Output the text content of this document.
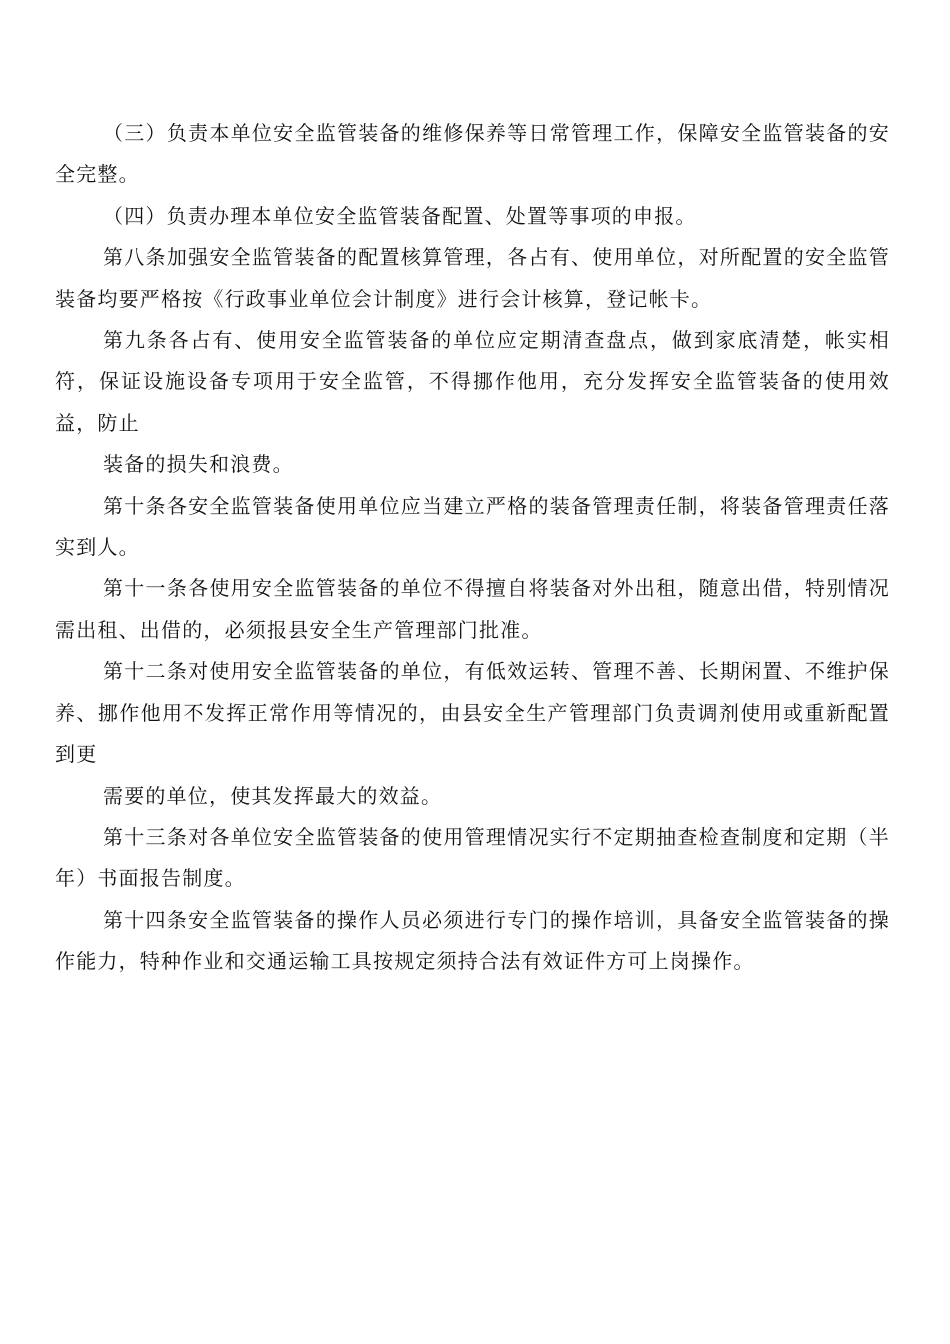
（三）负责本单位安全监管装备的维修保养等日常管理工作，保障安全监管装备的安全完整。

（四）负责办理本单位安全监管装备配置、处置等事项的申报。

第八条加强安全监管装备的配置核算管理，各占有、使用单位，对所配置的安全监管装备均要严格按《行政事业单位会计制度》进行会计核算，登记帐卡。

第九条各占有、使用安全监管装备的单位应定期清查盘点，做到家底清楚，帐实相符，保证设施设备专项用于安全监管，不得挪作他用，充分发挥安全监管装备的使用效益，防止

装备的损失和浪费。

第十条各安全监管装备使用单位应当建立严格的装备管理责任制，将装备管理责任落实到人。

第十一条各使用安全监管装备的单位不得擅自将装备对外出租，随意出借，特别情况需出租、出借的，必须报县安全生产管理部门批准。

第十二条对使用安全监管装备的单位，有低效运转、管理不善、长期闲置、不维护保养、挪作他用不发挥正常作用等情况的，由县安全生产管理部门负责调剂使用或重新配置到更

需要的单位，使其发挥最大的效益。

第十三条对各单位安全监管装备的使用管理情况实行不定期抽查检查制度和定期（半年）书面报告制度。

第十四条安全监管装备的操作人员必须进行专门的操作培训，具备安全监管装备的操作能力，特种作业和交通运输工具按规定须持合法有效证件方可上岗操作。
